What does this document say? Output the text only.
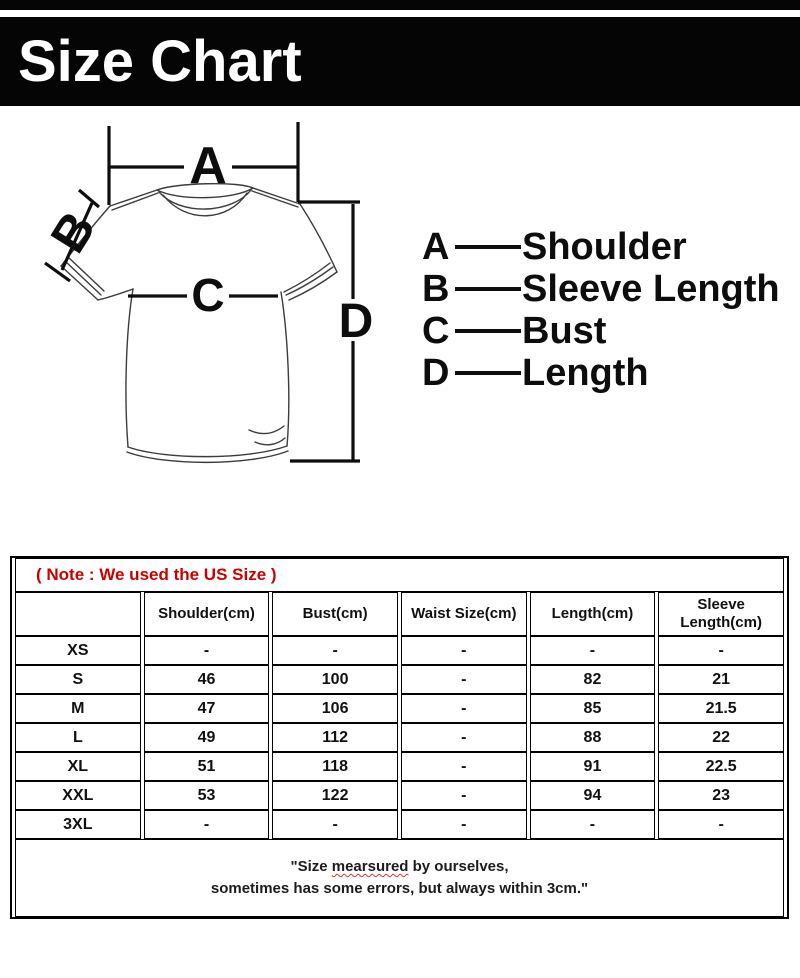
Size Chart
A
B
C D
A Shoulder
B Sleeve Length
C Bust
D Length
( Note : We used the US Size )					
	Shoulder(cm)	Bust(cm)	Waist Size(cm)	Length(cm)	Sleeve Length(cm)
XS	-	-	-	-	-
S	46	100	-	82	21
M	47	106	-	85	21.5
L	49	112	-	88	22
XL	51	118	-	91	22.5
XXL	53	122	-	94	23
3XL	-	-	-	-	-
"Size mearsured by ourselves,
sometimes has some errors, but always within 3cm."					
